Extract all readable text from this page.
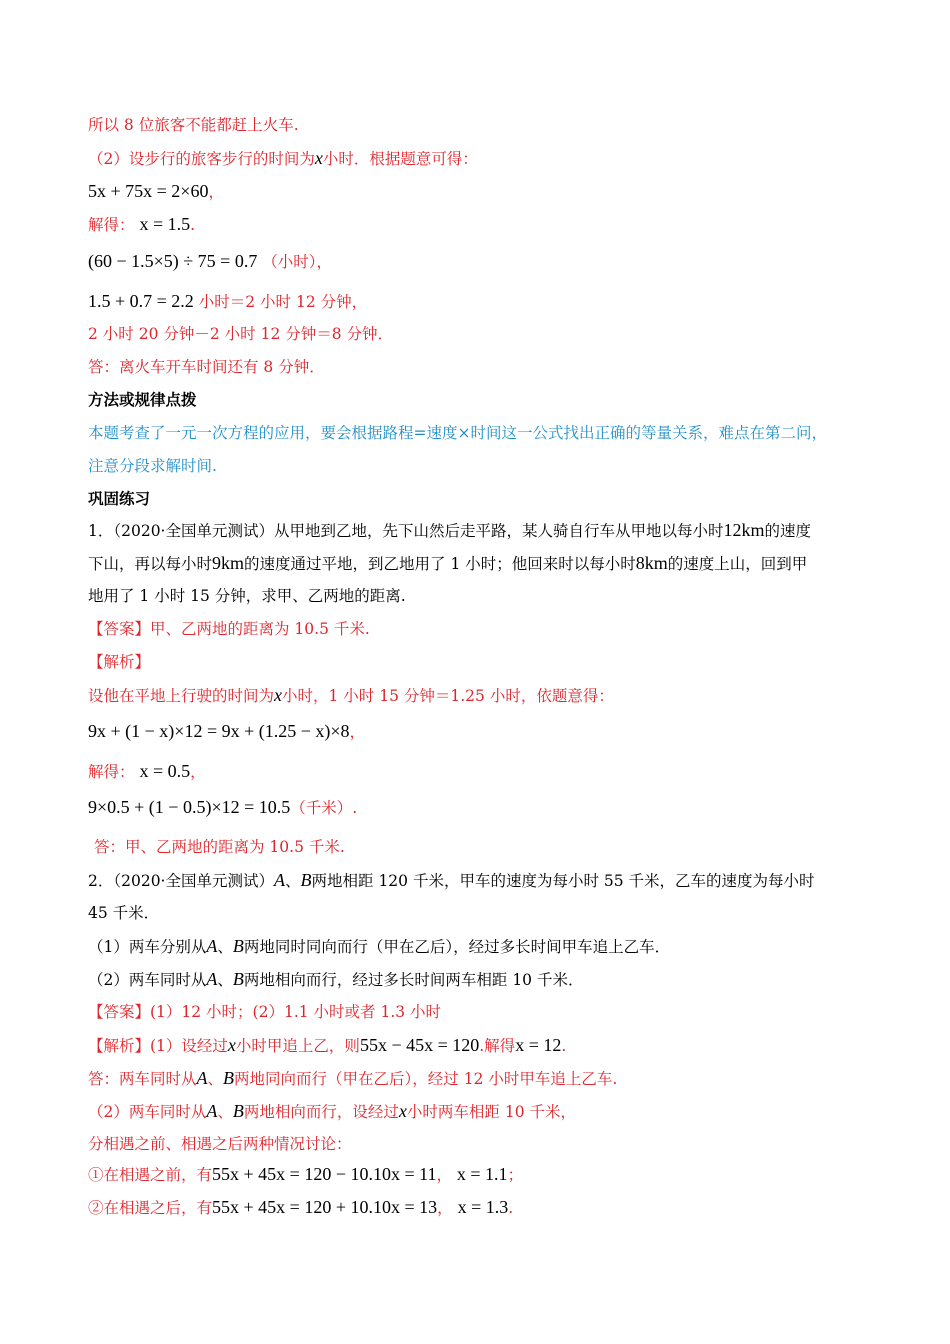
所以 8 位旅客不能都赶上火车.
（2）设步行的旅客步行的时间为x小时．根据题意可得：
5x + 75x = 2×60，
解得： x = 1.5.
(60 − 1.5×5) ÷ 75 = 0.7 （小时），
1.5 + 0.7 = 2.2 小时＝2 小时 12 分钟，
2 小时 20 分钟－2 小时 12 分钟＝8 分钟．
答：离火车开车时间还有 8 分钟．
方法或规律点拨
本题考查了一元一次方程的应用，要会根据路程=速度×时间这一公式找出正确的等量关系，难点在第二问，
注意分段求解时间.
巩固练习
1．（2020·全国单元测试）从甲地到乙地，先下山然后走平路，某人骑自行车从甲地以每小时12km的速度
下山，再以每小时9km的速度通过平地，到乙地用了 1 小时；他回来时以每小时8km的速度上山，回到甲
地用了 1 小时 15 分钟，求甲、乙两地的距离.
【答案】甲、乙两地的距离为 10.5 千米.
【解析】
设他在平地上行驶的时间为x小时，1 小时 15 分钟＝1.25 小时，依题意得：
9x + (1 − x)×12 = 9x + (1.25 − x)×8，
解得： x = 0.5，
9×0.5 + (1 − 0.5)×12 = 10.5（千米）.
答：甲、乙两地的距离为 10.5 千米.
2．（2020·全国单元测试）A、B两地相距 120 千米，甲车的速度为每小时 55 千米，乙车的速度为每小时
45 千米．
（1）两车分别从A、B两地同时同向而行（甲在乙后），经过多长时间甲车追上乙车．
（2）两车同时从A、B两地相向而行，经过多长时间两车相距 10 千米．
【答案】(1）12 小时；(2）1.1 小时或者 1.3 小时
【解析】(1）设经过x小时甲追上乙，则55x − 45x = 120.解得x = 12.
答：两车同时从A、B两地同向而行（甲在乙后），经过 12 小时甲车追上乙车.
（2）两车同时从A、B两地相向而行，设经过x小时两车相距 10 千米，
分相遇之前、相遇之后两种情况讨论：
①在相遇之前，有55x + 45x = 120 − 10.10x = 11， x = 1.1；
②在相遇之后，有55x + 45x = 120 + 10.10x = 13， x = 1.3.
